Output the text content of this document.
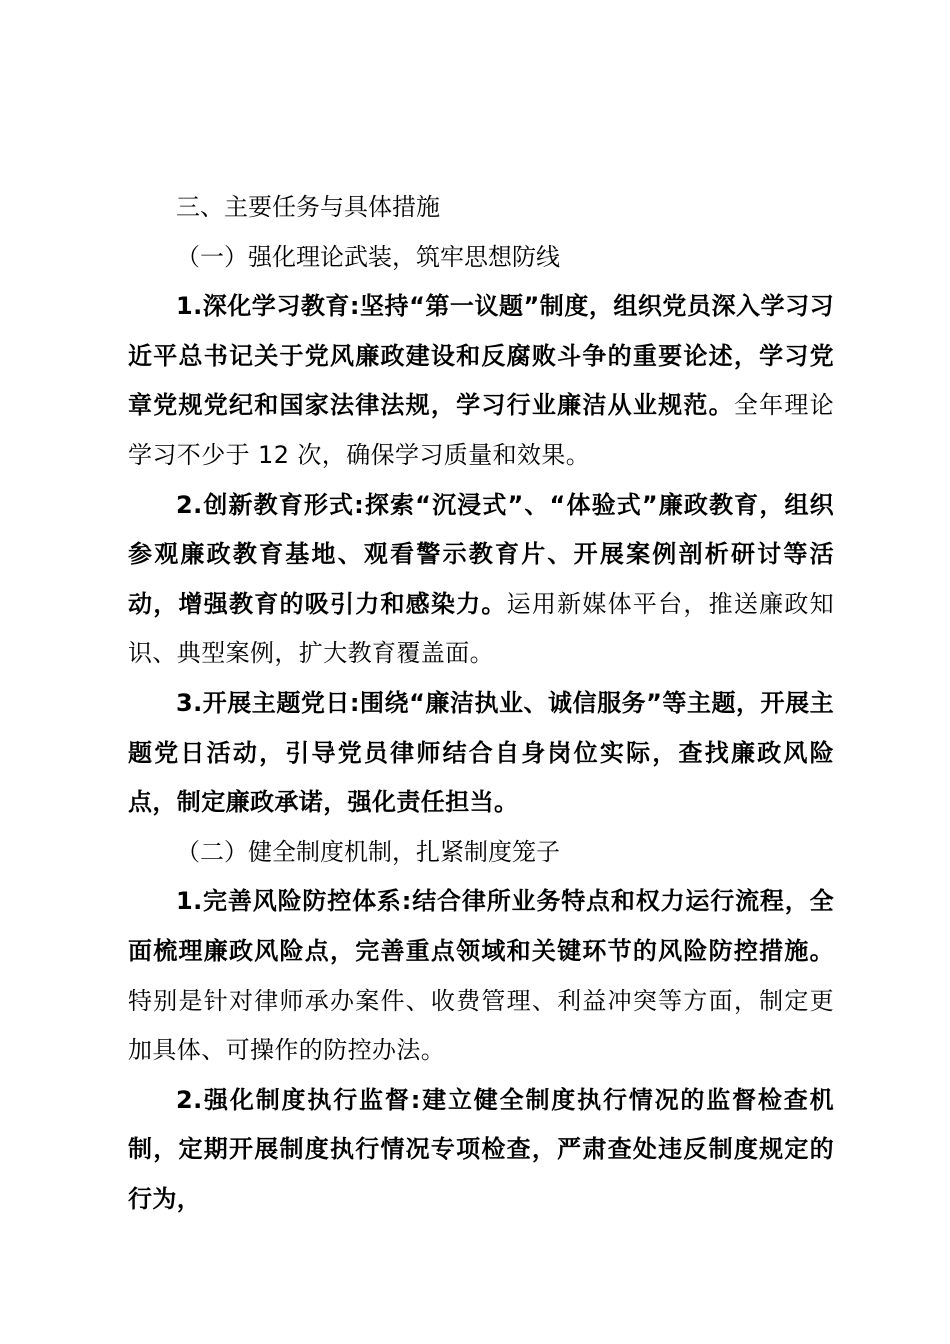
三、主要任务与具体措施

（一）强化理论武装，筑牢思想防线

1.深化学习教育:坚持“第一议题”制度，组织党员深入学习习近平总书记关于党风廉政建设和反腐败斗争的重要论述，学习党章党规党纪和国家法律法规，学习行业廉洁从业规范。全年理论学习不少于 12 次，确保学习质量和效果。

2.创新教育形式:探索“沉浸式”、“体验式”廉政教育，组织参观廉政教育基地、观看警示教育片、开展案例剖析研讨等活动，增强教育的吸引力和感染力。运用新媒体平台，推送廉政知识、典型案例，扩大教育覆盖面。

3.开展主题党日:围绕“廉洁执业、诚信服务”等主题，开展主题党日活动，引导党员律师结合自身岗位实际，查找廉政风险点，制定廉政承诺，强化责任担当。

（二）健全制度机制，扎紧制度笼子

1.完善风险防控体系:结合律所业务特点和权力运行流程，全面梳理廉政风险点，完善重点领域和关键环节的风险防控措施。特别是针对律师承办案件、收费管理、利益冲突等方面，制定更加具体、可操作的防控办法。

2.强化制度执行监督:建立健全制度执行情况的监督检查机制，定期开展制度执行情况专项检查，严肃查处违反制度规定的行为，
